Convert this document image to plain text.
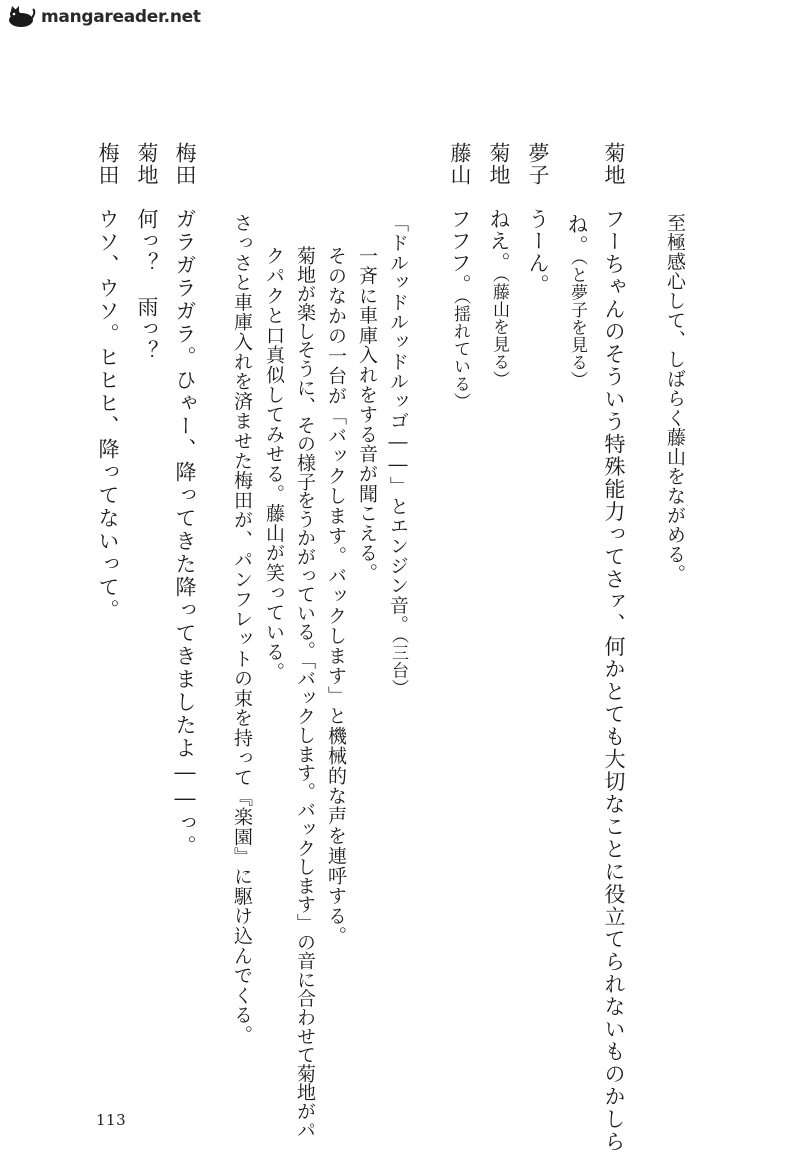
mangareader.net
至極感心して、しばらく藤山をながめる。
菊地フーちゃんのそういう特殊能力ってさァ、何かとても大切なことに役立てられないものかしら
ね。（と夢子を見る）
夢子うーん。
菊地ねえ。（藤山を見る）
藤山フフフ。（揺れている）
「ドルッドルッドルッゴ――」とエンジン音。（三台）
一斉に車庫入れをする音が聞こえる。
そのなかの一台が「バックします。バックします」と機械的な声を連呼する。
菊地が楽しそうに、その様子をうかがっている。「バックします。バックします」の音に合わせて菊地がパ
クパクと口真似してみせる。藤山が笑っている。
さっさと車庫入れを済ませた梅田が、パンフレットの束を持って『楽園』に駆け込んでくる。
梅田ガラガラガラ。ひゃー、降ってきた降ってきましたよ――っ。
菊地何っ？　雨っ？
梅田ウソ、ウソ。ヒヒヒ、降ってないって。
113
